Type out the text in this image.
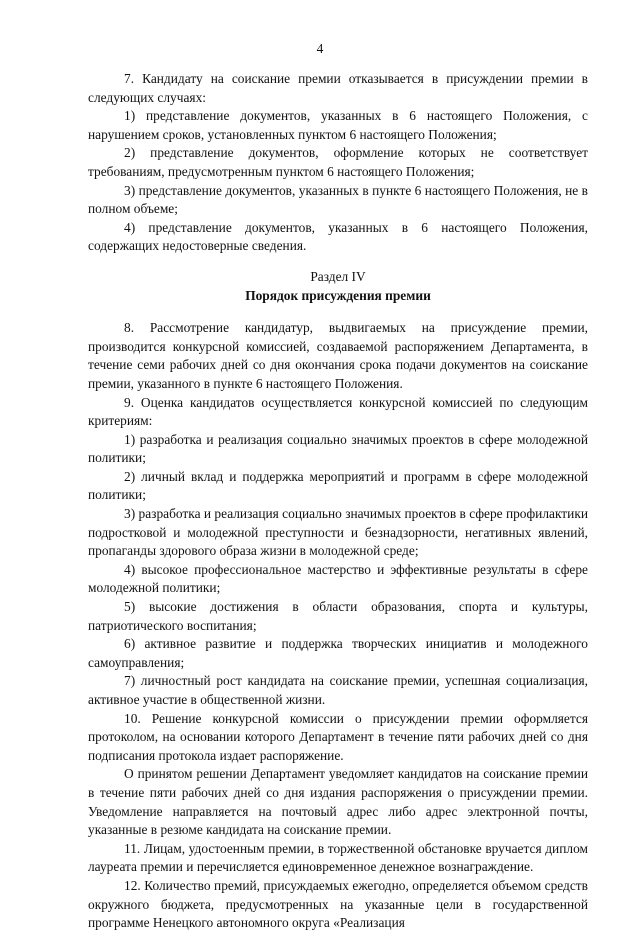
4

7. Кандидату на соискание премии отказывается в присуждении премии в следующих случаях:

1) представление документов, указанных в 6 настоящего Положения, с нарушением сроков, установленных пунктом 6 настоящего Положения;

2) представление документов, оформление которых не соответствует требованиям, предусмотренным пунктом 6 настоящего Положения;

3) представление документов, указанных в пункте 6 настоящего Положения, не в полном объеме;

4) представление документов, указанных в 6 настоящего Положения, содержащих недостоверные сведения.

Раздел IV

Порядок присуждения премии

8. Рассмотрение кандидатур, выдвигаемых на присуждение премии, производится конкурсной комиссией, создаваемой распоряжением Департамента, в течение семи рабочих дней со дня окончания срока подачи документов на соискание премии, указанного в пункте 6 настоящего Положения.

9. Оценка кандидатов осуществляется конкурсной комиссией по следующим критериям:

1) разработка и реализация социально значимых проектов в сфере молодежной политики;

2) личный вклад и поддержка мероприятий и программ в сфере молодежной политики;

3) разработка и реализация социально значимых проектов в сфере профилактики подростковой и молодежной преступности и безнадзорности, негативных явлений, пропаганды здорового образа жизни в молодежной среде;

4) высокое профессиональное мастерство и эффективные результаты в сфере молодежной политики;

5) высокие достижения в области образования, спорта и культуры, патриотического воспитания;

6) активное развитие и поддержка творческих инициатив и молодежного самоуправления;

7) личностный рост кандидата на соискание премии, успешная социализация, активное участие в общественной жизни.

10. Решение конкурсной комиссии о присуждении премии оформляется протоколом, на основании которого Департамент в течение пяти рабочих дней со дня подписания протокола издает распоряжение.

О принятом решении Департамент уведомляет кандидатов на соискание премии в течение пяти рабочих дней со дня издания распоряжения о присуждении премии. Уведомление направляется на почтовый адрес либо адрес электронной почты, указанные в резюме кандидата на соискание премии.

11. Лицам, удостоенным премии, в торжественной обстановке вручается диплом лауреата премии и перечисляется единовременное денежное вознаграждение.

12. Количество премий, присуждаемых ежегодно, определяется объемом средств окружного бюджета, предусмотренных на указанные цели в государственной программе Ненецкого автономного округа «Реализация
